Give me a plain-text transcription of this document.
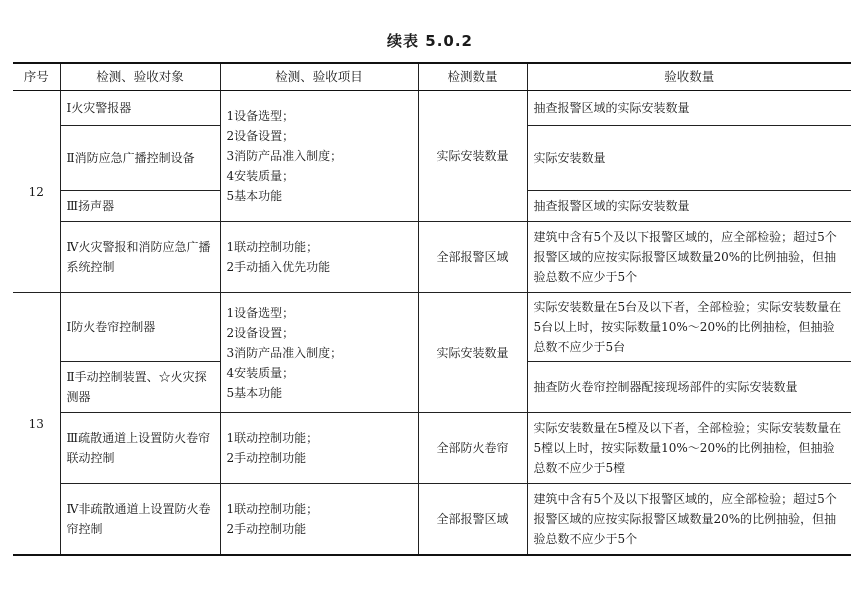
续表 5.0.2
序号	检测、验收对象	检测、验收项目	检测数量	验收数量
12	Ⅰ火灾警报器	1设备选型；
2设备设置；
3消防产品准入制度；
4安装质量；
5基本功能	实际安装数量	抽查报警区域的实际安装数量
	Ⅱ消防应急广播控制设备			实际安装数量
	Ⅲ扬声器			抽查报警区域的实际安装数量
	Ⅳ火灾警报和消防应急广播系统控制	1联动控制功能；
2手动插入优先功能	全部报警区域	建筑中含有5个及以下报警区域的，应全部检验；超过5个报警区域的应按实际报警区域数量20%的比例抽验，但抽验总数不应少于5个
13	Ⅰ防火卷帘控制器	1设备选型；
2设备设置；
3消防产品准入制度；
4安装质量；
5基本功能	实际安装数量	实际安装数量在5台及以下者，全部检验；实际安装数量在5台以上时，按实际数量10%～20%的比例抽检，但抽验总数不应少于5台
	Ⅱ手动控制装置、☆火灾探测器			抽查防火卷帘控制器配接现场部件的实际安装数量
	Ⅲ疏散通道上设置防火卷帘联动控制	1联动控制功能；
2手动控制功能	全部防火卷帘	实际安装数量在5樘及以下者，全部检验；实际安装数量在5樘以上时，按实际数量10%～20%的比例抽检，但抽验总数不应少于5樘
	Ⅳ非疏散通道上设置防火卷帘控制	1联动控制功能；
2手动控制功能	全部报警区域	建筑中含有5个及以下报警区域的，应全部检验；超过5个报警区域的应按实际报警区域数量20%的比例抽验，但抽验总数不应少于5个
